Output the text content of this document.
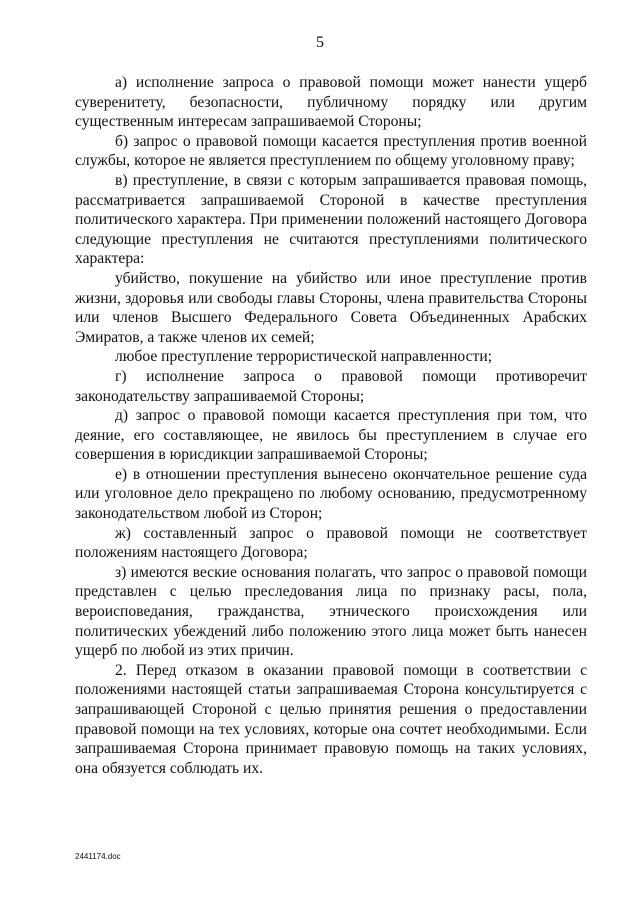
5

а) исполнение запроса о правовой помощи может нанести ущерб суверенитету, безопасности, публичному порядку или другим существенным интересам запрашиваемой Стороны;

б) запрос о правовой помощи касается преступления против военной службы, которое не является преступлением по общему уголовному праву;

в) преступление, в связи с которым запрашивается правовая помощь, рассматривается запрашиваемой Стороной в качестве преступления политического характера. При применении положений настоящего Договора следующие преступления не считаются преступлениями политического характера:

убийство, покушение на убийство или иное преступление против жизни, здоровья или свободы главы Стороны, члена правительства Стороны или членов Высшего Федерального Совета Объединенных Арабских Эмиратов, а также членов их семей;

любое преступление террористической направленности;

г) исполнение запроса о правовой помощи противоречит законодательству запрашиваемой Стороны;

д) запрос о правовой помощи касается преступления при том, что деяние, его составляющее, не явилось бы преступлением в случае его совершения в юрисдикции запрашиваемой Стороны;

е) в отношении преступления вынесено окончательное решение суда или уголовное дело прекращено по любому основанию, предусмотренному законодательством любой из Сторон;

ж) составленный запрос о правовой помощи не соответствует положениям настоящего Договора;

з) имеются веские основания полагать, что запрос о правовой помощи представлен с целью преследования лица по признаку расы, пола, вероисповедания, гражданства, этнического происхождения или политических убеждений либо положению этого лица может быть нанесен ущерб по любой из этих причин.

2. Перед отказом в оказании правовой помощи в соответствии с положениями настоящей статьи запрашиваемая Сторона консультируется с запрашивающей Стороной с целью принятия решения о предоставлении правовой помощи на тех условиях, которые она сочтет необходимыми. Если запрашиваемая Сторона принимает правовую помощь на таких условиях, она обязуется соблюдать их.

2441174.doc
